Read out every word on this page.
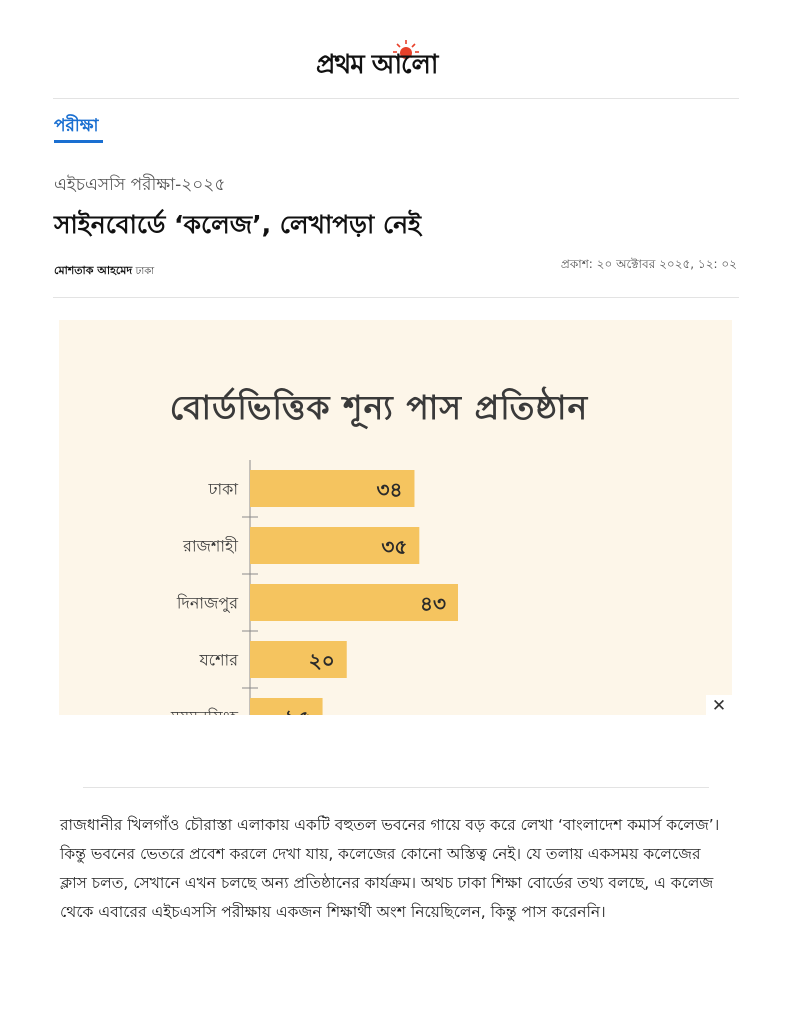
প্রথম আলো
পরীক্ষা
এইচএসসি পরীক্ষা-২০২৫
সাইনবোর্ডে ‘কলেজ’, লেখাপড়া নেই
মোশতাক আহমেদ ঢাকা
প্রকাশ: ২০ অক্টোবর ২০২৫, ১২: ০২
বোর্ডভিত্তিক শূন্য পাস প্রতিষ্ঠান
ঢাকা	৩৪
রাজশাহী	৩৫
দিনাজপুর	৪৩
যশোর	২০
✕

রাজধানীর খিলগাঁও চৌরাস্তা এলাকায় একটি বহুতল ভবনের গায়ে বড় করে লেখা ‘বাংলাদেশ কমার্স কলেজ’। কিন্তু ভবনের ভেতরে প্রবেশ করলে দেখা যায়, কলেজের কোনো অস্তিত্ব নেই। যে তলায় একসময় কলেজের ক্লাস চলত, সেখানে এখন চলছে অন্য প্রতিষ্ঠানের কার্যক্রম। অথচ ঢাকা শিক্ষা বোর্ডের তথ্য বলছে, এ কলেজ থেকে এবারের এইচএসসি পরীক্ষায় একজন শিক্ষার্থী অংশ নিয়েছিলেন, কিন্তু পাস করেননি।
